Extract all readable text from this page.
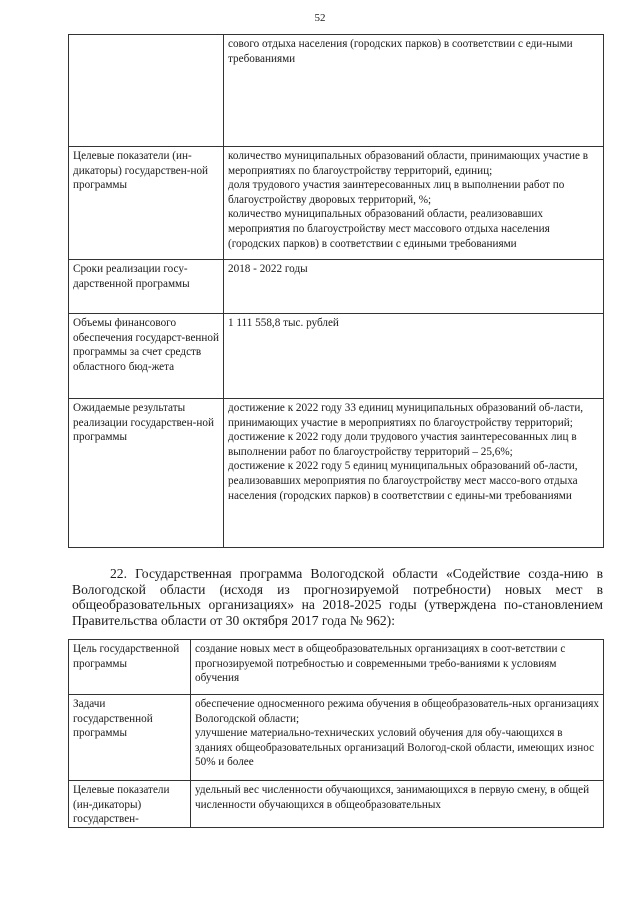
52

	сового отдыха населения (городских парков) в соответствии с еди-ными требованиями

Целевые показатели (ин-дикаторы) государствен-ной программы	количество муниципальных образований области, принимающих участие в мероприятиях по благоустройству территорий, единиц;

доля трудового участия заинтересованных лиц в выполнении работ по благоустройству дворовых территорий, %;

количество муниципальных образований области, реализовавших мероприятия по благоустройству мест массового отдыха населения (городских парков) в соответствии с едиными требованиями

Сроки реализации госу-дарственной программы	2018 - 2022 годы

Объемы финансового обеспечения государст-венной программы за счет средств областного бюд-жета	1 111 558,8 тыс. рублей

Ожидаемые результаты реализации государствен-ной программы	достижение к 2022 году 33 единиц муниципальных образований об-ласти, принимающих участие в мероприятиях по благоустройству территорий;

достижение к 2022 году доли трудового участия заинтересованных лиц в выполнении работ по благоустройству территорий – 25,6%;

достижение к 2022 году 5 единиц муниципальных образований об-ласти, реализовавших мероприятия по благоустройству мест массо-вого отдыха населения (городских парков) в соответствии с едины-ми требованиями

22. Государственная программа Вологодской области «Содействие созда-нию в Вологодской области (исходя из прогнозируемой потребности) новых мест в общеобразовательных организациях» на 2018-2025 годы (утверждена по-становлением Правительства области от 30 октября 2017 года № 962):

Цель государственной программы	создание новых мест в общеобразовательных организациях в соот-ветствии с прогнозируемой потребностью и современными требо-ваниями к условиям обучения

Задачи государственной программы	обеспечение односменного режима обучения в общеобразователь-ных организациях Вологодской области;

улучшение материально-технических условий обучения для обу-чающихся в зданиях общеобразовательных организаций Вологод-ской области, имеющих износ 50% и более

Целевые показатели (ин-дикаторы) государствен-	удельный вес численности обучающихся, занимающихся в первую смену, в общей численности обучающихся в общеобразовательных
